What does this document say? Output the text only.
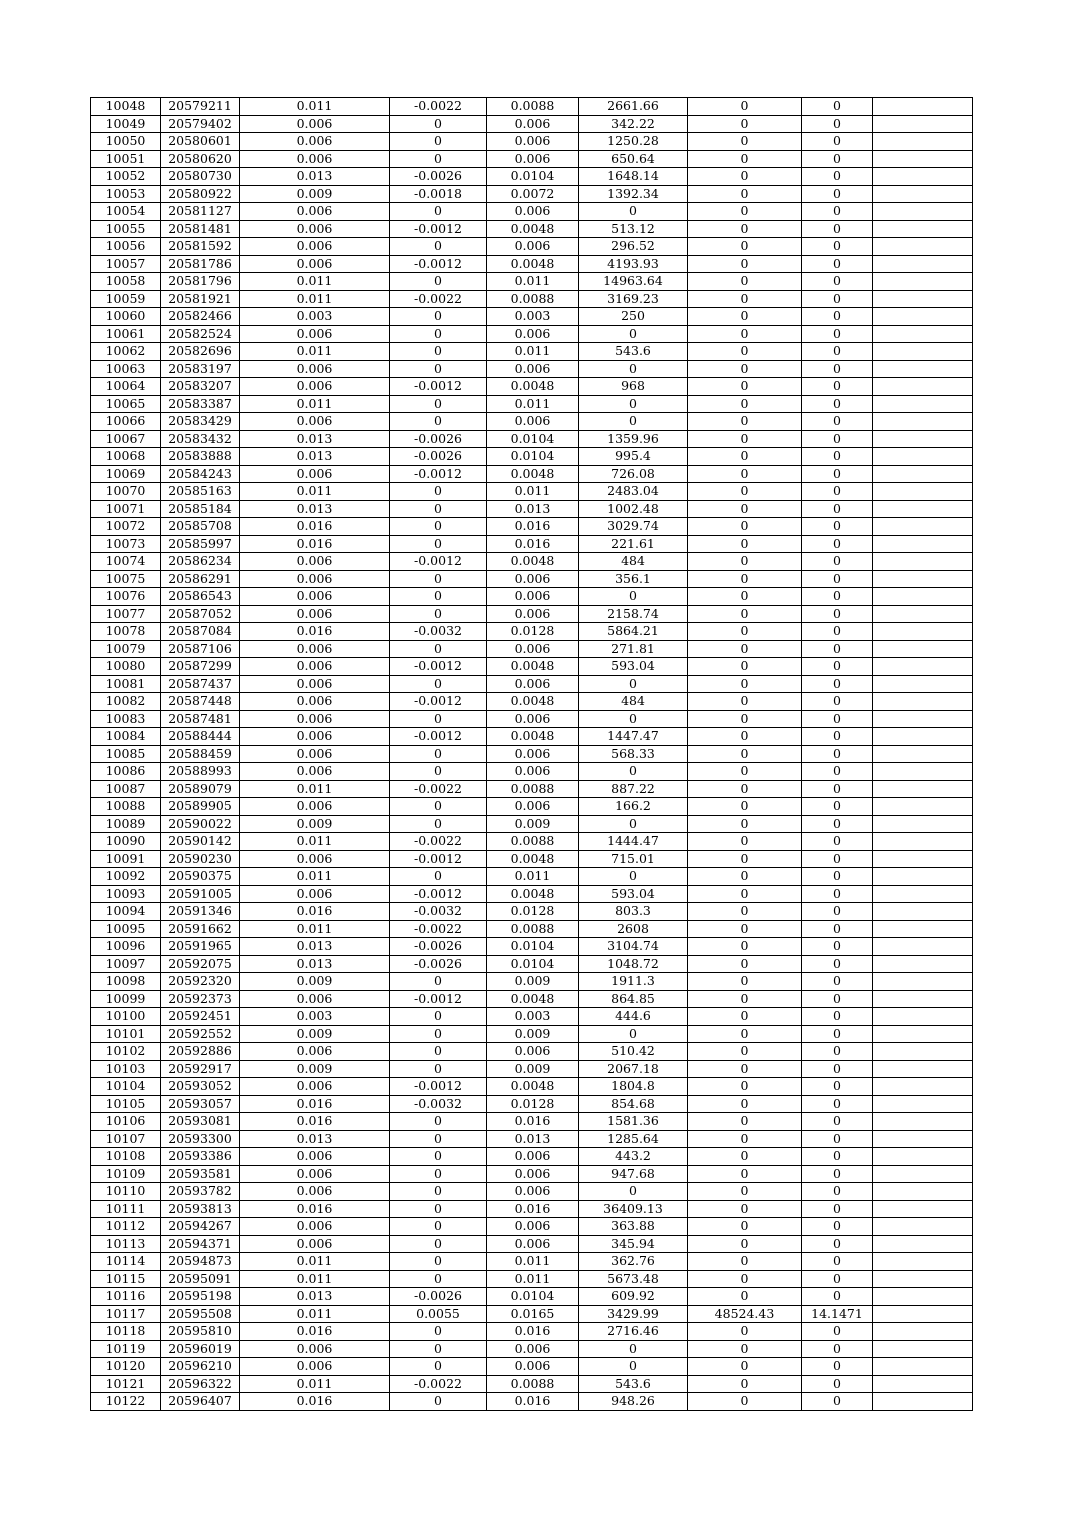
10048	20579211	0.011	-0.0022	0.0088	2661.66	0	0	
10049	20579402	0.006	0	0.006	342.22	0	0	
10050	20580601	0.006	0	0.006	1250.28	0	0	
10051	20580620	0.006	0	0.006	650.64	0	0	
10052	20580730	0.013	-0.0026	0.0104	1648.14	0	0	
10053	20580922	0.009	-0.0018	0.0072	1392.34	0	0	
10054	20581127	0.006	0	0.006	0	0	0	
10055	20581481	0.006	-0.0012	0.0048	513.12	0	0	
10056	20581592	0.006	0	0.006	296.52	0	0	
10057	20581786	0.006	-0.0012	0.0048	4193.93	0	0	
10058	20581796	0.011	0	0.011	14963.64	0	0	
10059	20581921	0.011	-0.0022	0.0088	3169.23	0	0	
10060	20582466	0.003	0	0.003	250	0	0	
10061	20582524	0.006	0	0.006	0	0	0	
10062	20582696	0.011	0	0.011	543.6	0	0	
10063	20583197	0.006	0	0.006	0	0	0	
10064	20583207	0.006	-0.0012	0.0048	968	0	0	
10065	20583387	0.011	0	0.011	0	0	0	
10066	20583429	0.006	0	0.006	0	0	0	
10067	20583432	0.013	-0.0026	0.0104	1359.96	0	0	
10068	20583888	0.013	-0.0026	0.0104	995.4	0	0	
10069	20584243	0.006	-0.0012	0.0048	726.08	0	0	
10070	20585163	0.011	0	0.011	2483.04	0	0	
10071	20585184	0.013	0	0.013	1002.48	0	0	
10072	20585708	0.016	0	0.016	3029.74	0	0	
10073	20585997	0.016	0	0.016	221.61	0	0	
10074	20586234	0.006	-0.0012	0.0048	484	0	0	
10075	20586291	0.006	0	0.006	356.1	0	0	
10076	20586543	0.006	0	0.006	0	0	0	
10077	20587052	0.006	0	0.006	2158.74	0	0	
10078	20587084	0.016	-0.0032	0.0128	5864.21	0	0	
10079	20587106	0.006	0	0.006	271.81	0	0	
10080	20587299	0.006	-0.0012	0.0048	593.04	0	0	
10081	20587437	0.006	0	0.006	0	0	0	
10082	20587448	0.006	-0.0012	0.0048	484	0	0	
10083	20587481	0.006	0	0.006	0	0	0	
10084	20588444	0.006	-0.0012	0.0048	1447.47	0	0	
10085	20588459	0.006	0	0.006	568.33	0	0	
10086	20588993	0.006	0	0.006	0	0	0	
10087	20589079	0.011	-0.0022	0.0088	887.22	0	0	
10088	20589905	0.006	0	0.006	166.2	0	0	
10089	20590022	0.009	0	0.009	0	0	0	
10090	20590142	0.011	-0.0022	0.0088	1444.47	0	0	
10091	20590230	0.006	-0.0012	0.0048	715.01	0	0	
10092	20590375	0.011	0	0.011	0	0	0	
10093	20591005	0.006	-0.0012	0.0048	593.04	0	0	
10094	20591346	0.016	-0.0032	0.0128	803.3	0	0	
10095	20591662	0.011	-0.0022	0.0088	2608	0	0	
10096	20591965	0.013	-0.0026	0.0104	3104.74	0	0	
10097	20592075	0.013	-0.0026	0.0104	1048.72	0	0	
10098	20592320	0.009	0	0.009	1911.3	0	0	
10099	20592373	0.006	-0.0012	0.0048	864.85	0	0	
10100	20592451	0.003	0	0.003	444.6	0	0	
10101	20592552	0.009	0	0.009	0	0	0	
10102	20592886	0.006	0	0.006	510.42	0	0	
10103	20592917	0.009	0	0.009	2067.18	0	0	
10104	20593052	0.006	-0.0012	0.0048	1804.8	0	0	
10105	20593057	0.016	-0.0032	0.0128	854.68	0	0	
10106	20593081	0.016	0	0.016	1581.36	0	0	
10107	20593300	0.013	0	0.013	1285.64	0	0	
10108	20593386	0.006	0	0.006	443.2	0	0	
10109	20593581	0.006	0	0.006	947.68	0	0	
10110	20593782	0.006	0	0.006	0	0	0	
10111	20593813	0.016	0	0.016	36409.13	0	0	
10112	20594267	0.006	0	0.006	363.88	0	0	
10113	20594371	0.006	0	0.006	345.94	0	0	
10114	20594873	0.011	0	0.011	362.76	0	0	
10115	20595091	0.011	0	0.011	5673.48	0	0	
10116	20595198	0.013	-0.0026	0.0104	609.92	0	0	
10117	20595508	0.011	0.0055	0.0165	3429.99	48524.43	14.1471	
10118	20595810	0.016	0	0.016	2716.46	0	0	
10119	20596019	0.006	0	0.006	0	0	0	
10120	20596210	0.006	0	0.006	0	0	0	
10121	20596322	0.011	-0.0022	0.0088	543.6	0	0	
10122	20596407	0.016	0	0.016	948.26	0	0	
